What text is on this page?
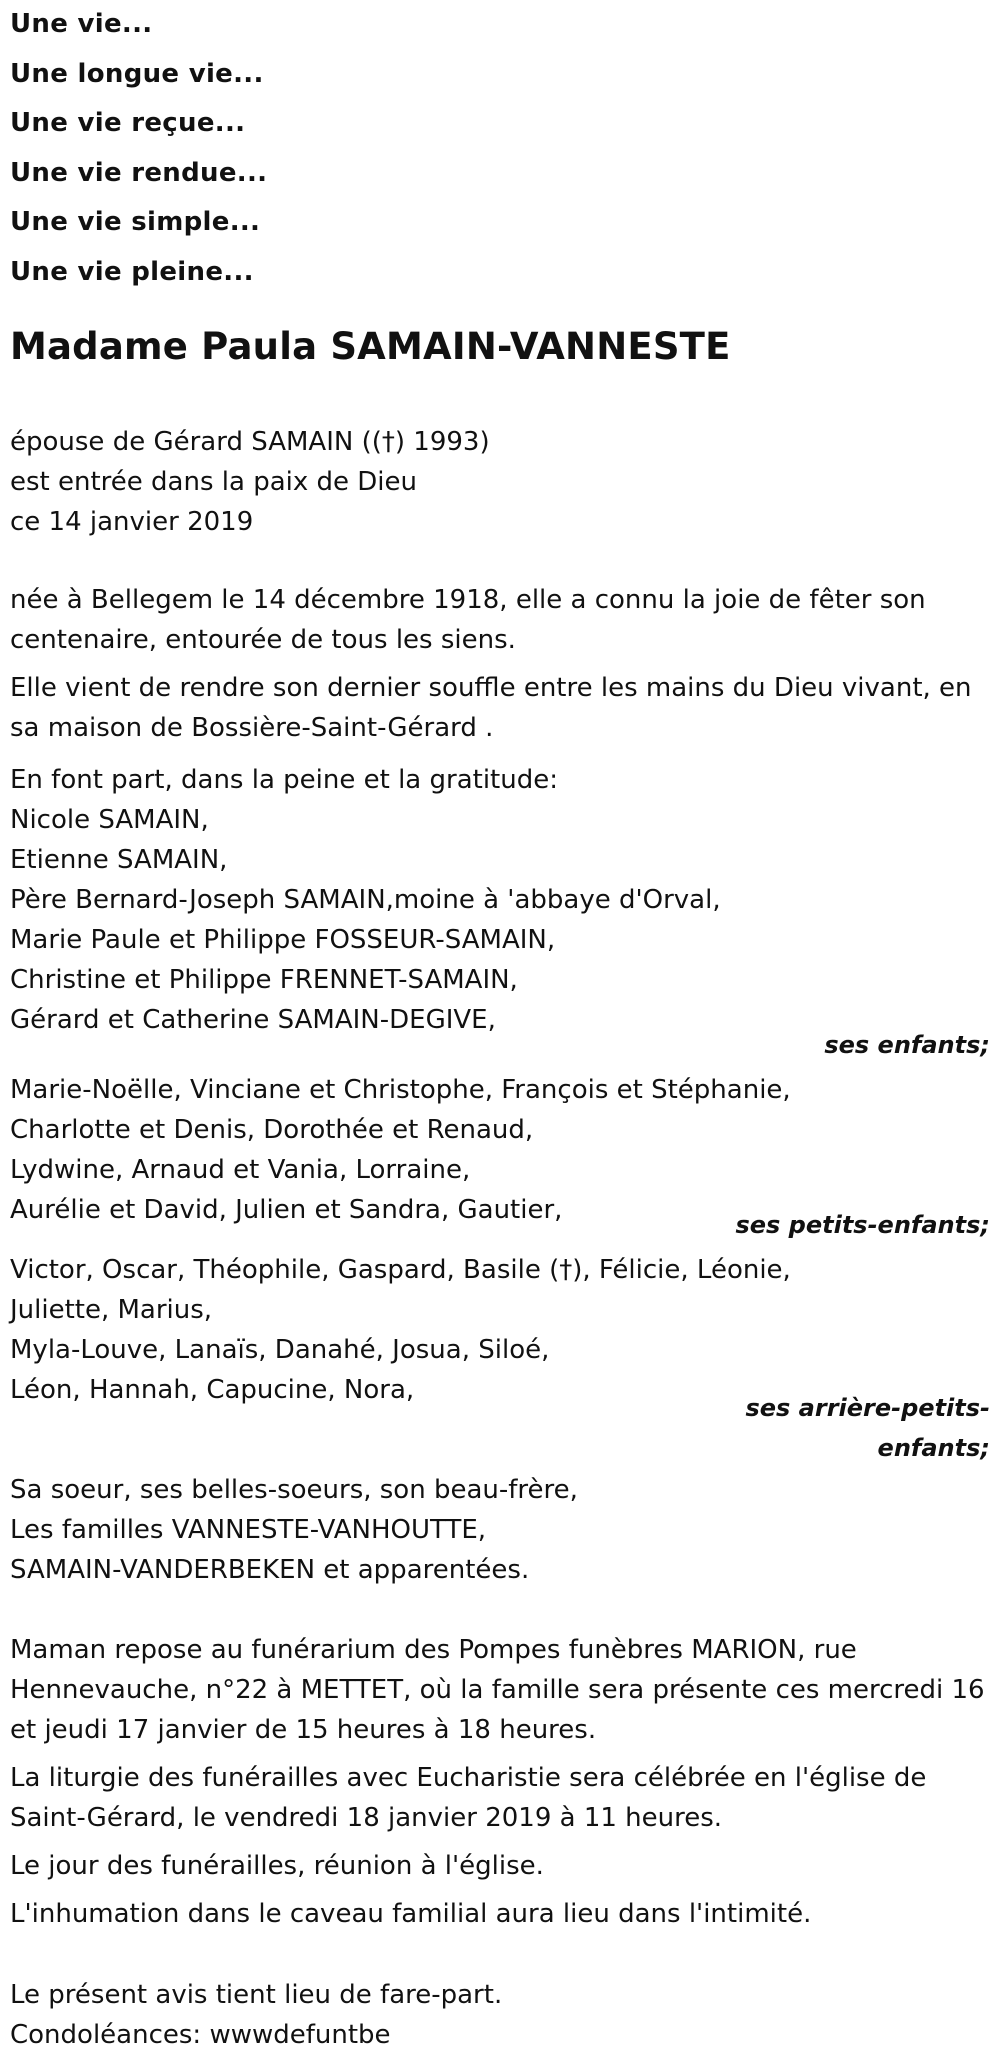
Une vie...

Une longue vie...

Une vie reçue...

Une vie rendue...

Une vie simple...

Une vie pleine...

Madame Paula SAMAIN-VANNESTE
épouse de Gérard SAMAIN ((†) 1993)
est entrée dans la paix de Dieu
ce 14 janvier 2019
née à Bellegem le 14 décembre 1918, elle a connu la joie de fêter son
centenaire, entourée de tous les siens.
Elle vient de rendre son dernier souffle entre les mains du Dieu vivant, en
sa maison de Bossière-Saint-Gérard .
En font part, dans la peine et la gratitude:
Nicole SAMAIN,
Etienne SAMAIN,
Père Bernard-Joseph SAMAIN,moine à 'abbaye d'Orval,
Marie Paule et Philippe FOSSEUR-SAMAIN,
Christine et Philippe FRENNET-SAMAIN,
Gérard et Catherine SAMAIN-DEGIVE,
ses enfants;
Marie-Noëlle, Vinciane et Christophe, François et Stéphanie,
Charlotte et Denis, Dorothée et Renaud,
Lydwine, Arnaud et Vania, Lorraine,
Aurélie et David, Julien et Sandra, Gautier,	ses petits-enfants;
Victor, Oscar, Théophile, Gaspard, Basile (†), Félicie, Léonie,
Juliette, Marius,
Myla-Louve, Lanaïs, Danahé, Josua, Siloé,
Léon, Hannah, Capucine, Nora,
ses arrière-petits-
enfants;
Sa soeur, ses belles-soeurs, son beau-frère,
Les familles VANNESTE-VANHOUTTE,
SAMAIN-VANDERBEKEN et apparentées.
Maman repose au funérarium des Pompes funèbres MARION, rue
Hennevauche, n°22 à METTET, où la famille sera présente ces mercredi 16
et jeudi 17 janvier de 15 heures à 18 heures.
La liturgie des funérailles avec Eucharistie sera célébrée en l'église de
Saint-Gérard, le vendredi 18 janvier 2019 à 11 heures.
Le jour des funérailles, réunion à l'église.
L'inhumation dans le caveau familial aura lieu dans l'intimité.
Le présent avis tient lieu de fare-part.
Condoléances: wwwdefuntbe
